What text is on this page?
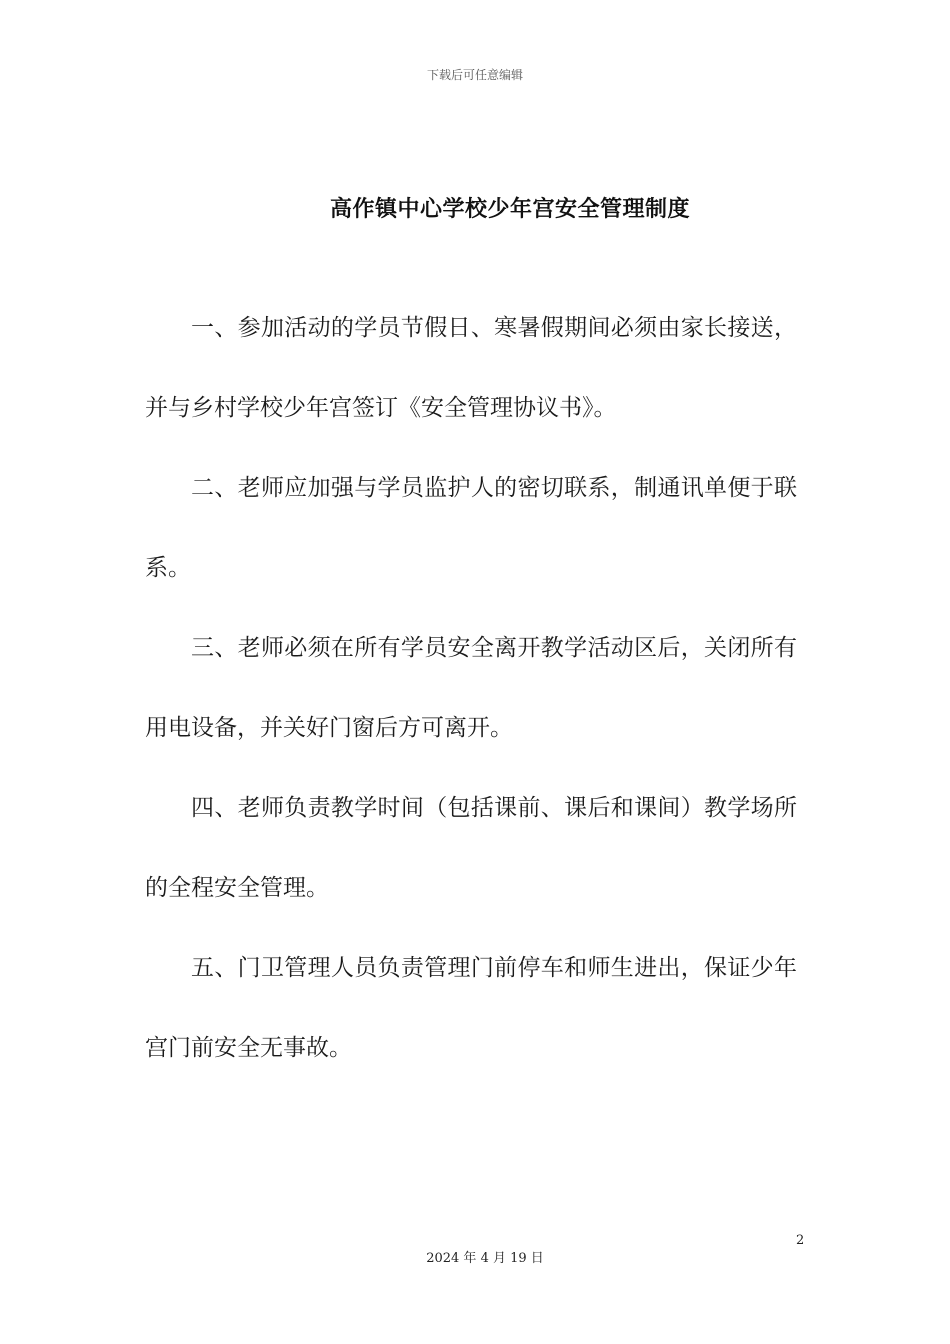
下载后可任意编辑
高作镇中心学校少年宫安全管理制度

一、参加活动的学员节假日、寒暑假期间必须由家长接送，并与乡村学校少年宫签订《安全管理协议书》。

二、老师应加强与学员监护人的密切联系，制通讯单便于联系。

三、老师必须在所有学员安全离开教学活动区后，关闭所有用电设备，并关好门窗后方可离开。

四、老师负责教学时间（包括课前、课后和课间）教学场所的全程安全管理。

五、门卫管理人员负责管理门前停车和师生进出，保证少年宫门前安全无事故。

2
2024 年 4 月 19 日
